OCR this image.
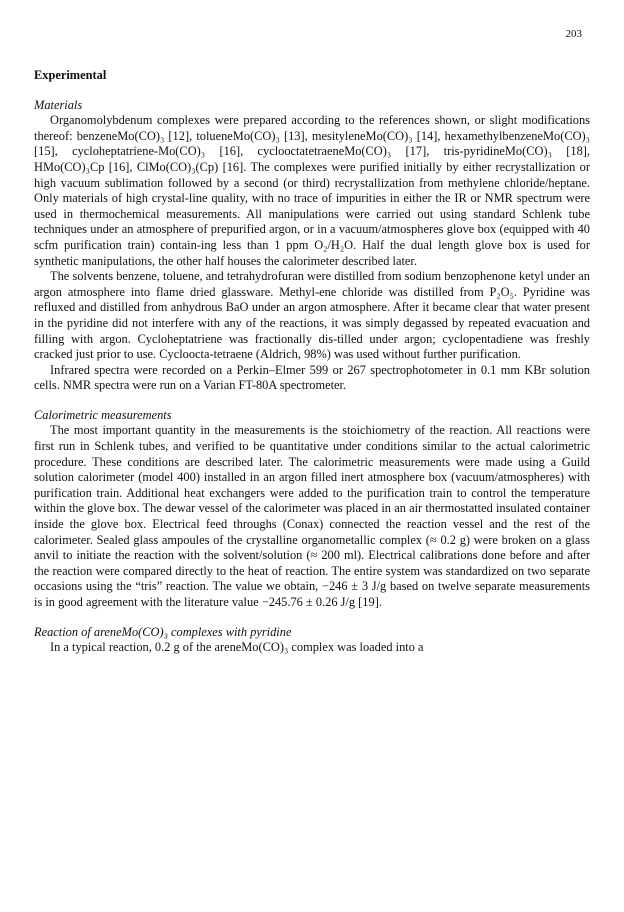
203
Experimental
Materials

Organomolybdenum complexes were prepared according to the references shown, or slight modifications thereof: benzeneMo(CO)₃ [12], tolueneMo(CO)₃ [13], mesityleneMo(CO)₃ [14], hexamethylbenzeneMo(CO)₃ [15], cycloheptatriene-Mo(CO)₃ [16], cyclooctatetraeneMo(CO)₃ [17], tris-pyridineMo(CO)₃ [18], HMo(CO)₃Cp [16], ClMo(CO)₃(Cp) [16]. The complexes were purified initially by either recrystallization or high vacuum sublimation followed by a second (or third) recrystallization from methylene chloride/heptane. Only materials of high crystal-line quality, with no trace of impurities in either the IR or NMR spectrum were used in thermochemical measurements. All manipulations were carried out using standard Schlenk tube techniques under an atmosphere of prepurified argon, or in a vacuum/atmospheres glove box (equipped with 40 scfm purification train) contain-ing less than 1 ppm O₂/H₂O. Half the dual length glove box is used for synthetic manipulations, the other half houses the calorimeter described later.

The solvents benzene, toluene, and tetrahydrofuran were distilled from sodium benzophenone ketyl under an argon atmosphere into flame dried glassware. Methyl-ene chloride was distilled from P₂O₅. Pyridine was refluxed and distilled from anhydrous BaO under an argon atmosphere. After it became clear that water present in the pyridine did not interfere with any of the reactions, it was simply degassed by repeated evacuation and filling with argon. Cycloheptatriene was fractionally dis-tilled under argon; cyclopentadiene was freshly cracked just prior to use. Cycloocta-tetraene (Aldrich, 98%) was used without further purification.

Infrared spectra were recorded on a Perkin–Elmer 599 or 267 spectrophotometer in 0.1 mm KBr solution cells. NMR spectra were run on a Varian FT-80A spectrometer.

Calorimetric measurements

The most important quantity in the measurements is the stoichiometry of the reaction. All reactions were first run in Schlenk tubes, and verified to be quantitative under conditions similar to the actual calorimetric procedure. These conditions are described later. The calorimetric measurements were made using a Guild solution calorimeter (model 400) installed in an argon filled inert atmosphere box (vacuum/atmospheres) with purification train. Additional heat exchangers were added to the purification train to control the temperature within the glove box. The dewar vessel of the calorimeter was placed in an air thermostatted insulated container inside the glove box. Electrical feed throughs (Conax) connected the reaction vessel and the rest of the calorimeter. Sealed glass ampoules of the crystalline organometallic complex (≈ 0.2 g) were broken on a glass anvil to initiate the reaction with the solvent/solution (≈ 200 ml). Electrical calibrations done before and after the reaction were compared directly to the heat of reaction. The entire system was standardized on two separate occasions using the “tris” reaction. The value we obtain, −246 ± 3 J/g based on twelve separate measurements is in good agreement with the literature value −245.76 ± 0.26 J/g [19].

Reaction of areneMo(CO)₃ complexes with pyridine

In a typical reaction, 0.2 g of the areneMo(CO)₃ complex was loaded into a
